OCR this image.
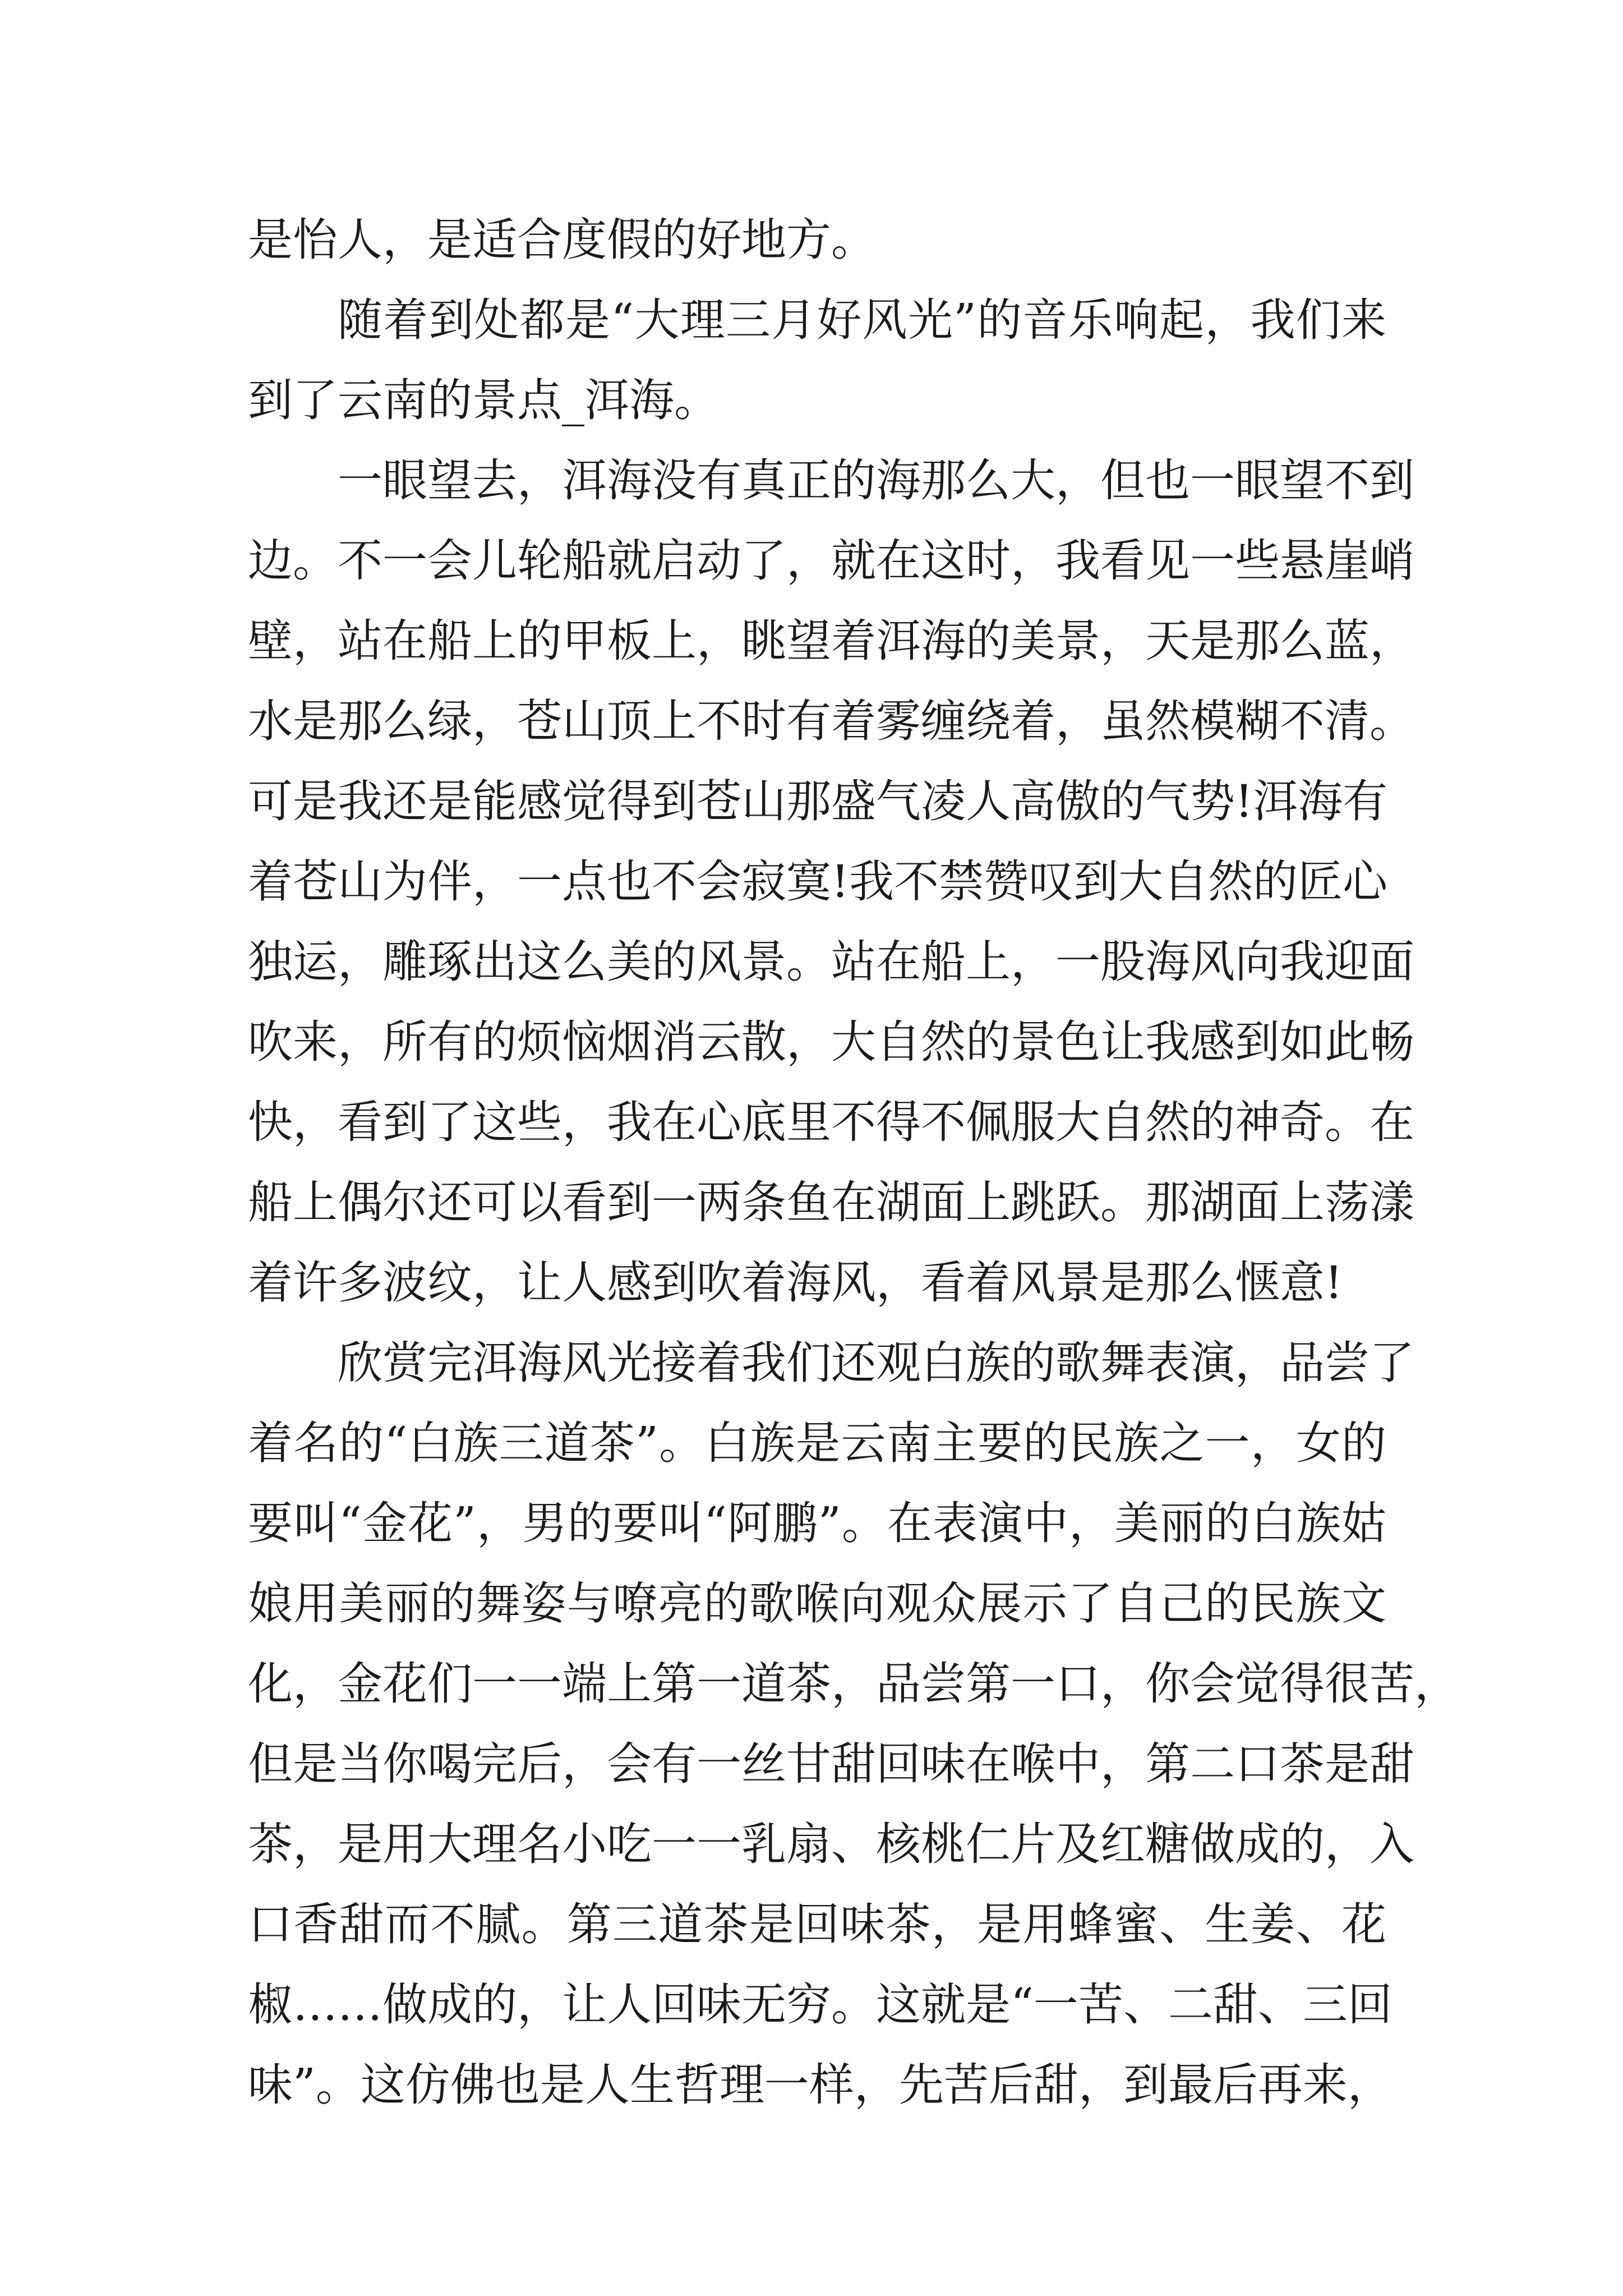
是怡人，是适合度假的好地方。
随着到处都是“大理三月好风光”的音乐响起，我们来
到了云南的景点_洱海。
一眼望去，洱海没有真正的海那么大，但也一眼望不到
边。不一会儿轮船就启动了，就在这时，我看见一些悬崖峭
壁，站在船上的甲板上，眺望着洱海的美景，天是那么蓝，
水是那么绿，苍山顶上不时有着雾缠绕着，虽然模糊不清。
可是我还是能感觉得到苍山那盛气凌人高傲的气势!洱海有
着苍山为伴，一点也不会寂寞!我不禁赞叹到大自然的匠心
独运，雕琢出这么美的风景。站在船上，一股海风向我迎面
吹来，所有的烦恼烟消云散，大自然的景色让我感到如此畅
快，看到了这些，我在心底里不得不佩服大自然的神奇。在
船上偶尔还可以看到一两条鱼在湖面上跳跃。那湖面上荡漾
着许多波纹，让人感到吹着海风，看着风景是那么惬意!
欣赏完洱海风光接着我们还观白族的歌舞表演，品尝了
着名的“白族三道茶”。白族是云南主要的民族之一，女的
要叫“金花”，男的要叫“阿鹏”。在表演中，美丽的白族姑
娘用美丽的舞姿与嘹亮的歌喉向观众展示了自己的民族文
化，金花们一一端上第一道茶，品尝第一口，你会觉得很苦，
但是当你喝完后，会有一丝甘甜回味在喉中，第二口茶是甜
茶，是用大理名小吃一一乳扇、核桃仁片及红糖做成的，入
口香甜而不腻。第三道茶是回味茶，是用蜂蜜、生姜、花
椒……做成的，让人回味无穷。这就是“一苦、二甜、三回
味”。这仿佛也是人生哲理一样，先苦后甜，到最后再来，
